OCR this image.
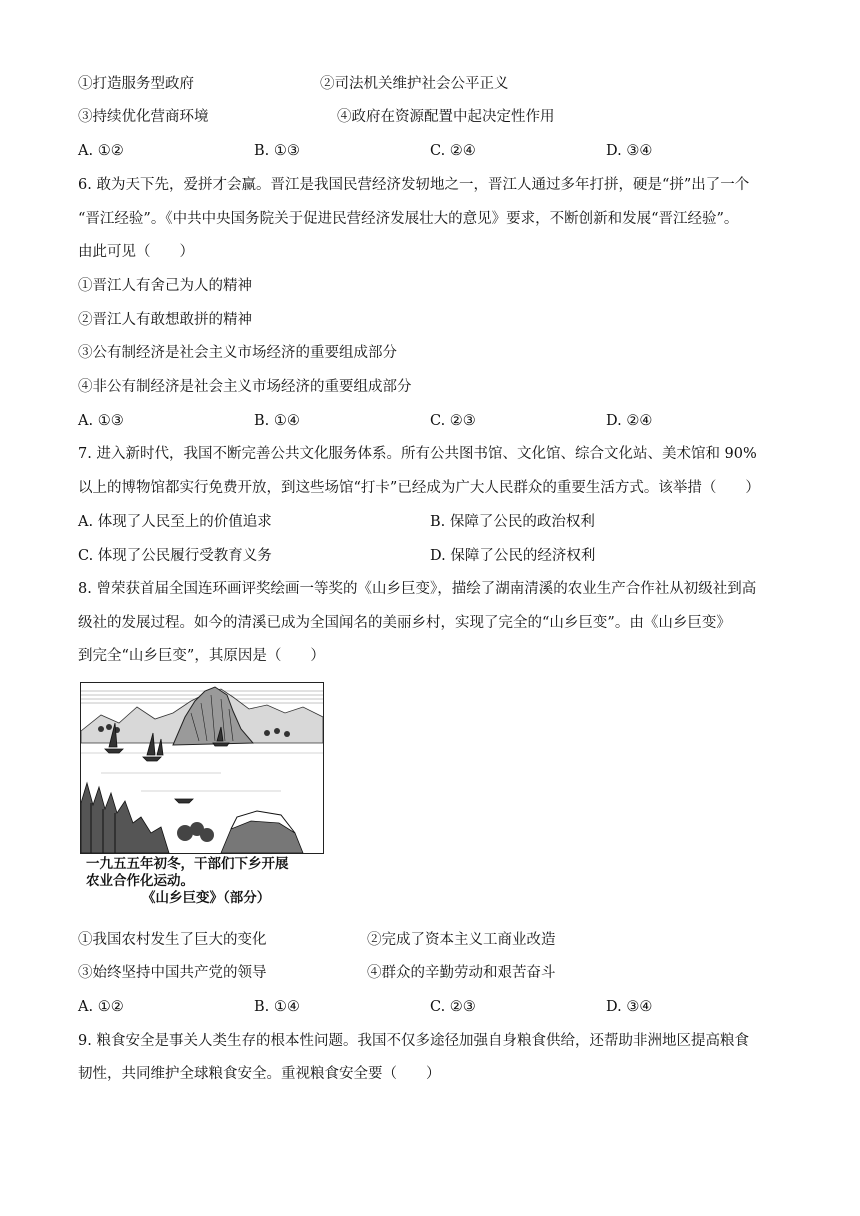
①打造服务型政府	②司法机关维护社会公平正义
③持续优化营商环境	④政府在资源配置中起决定性作用
A. ①②	B. ①③	C. ②④	D. ③④
6. 敢为天下先，爱拼才会赢。晋江是我国民营经济发轫地之一，晋江人通过多年打拼，硬是“拼”出了一个
“晋江经验”。《中共中央国务院关于促进民营经济发展壮大的意见》要求，不断创新和发展“晋江经验”。
由此可见（　　）
①晋江人有舍己为人的精神
②晋江人有敢想敢拼的精神
③公有制经济是社会主义市场经济的重要组成部分
④非公有制经济是社会主义市场经济的重要组成部分
A. ①③	B. ①④	C. ②③	D. ②④
7. 进入新时代，我国不断完善公共文化服务体系。所有公共图书馆、文化馆、综合文化站、美术馆和 90%
以上的博物馆都实行免费开放，到这些场馆“打卡”已经成为广大人民群众的重要生活方式。该举措（　　）
A. 体现了人民至上的价值追求	B. 保障了公民的政治权利
C. 体现了公民履行受教育义务	D. 保障了公民的经济权利
8. 曾荣获首届全国连环画评奖绘画一等奖的《山乡巨变》，描绘了湖南清溪的农业生产合作社从初级社到高
级社的发展过程。如今的清溪已成为全国闻名的美丽乡村，实现了完全的“山乡巨变”。由《山乡巨变》
到完全“山乡巨变”，其原因是（　　）
一九五五年初冬，干部们下乡开展
农业合作化运动。
《山乡巨变》（部分）
①我国农村发生了巨大的变化	②完成了资本主义工商业改造
③始终坚持中国共产党的领导	④群众的辛勤劳动和艰苦奋斗
A. ①②	B. ①④	C. ②③	D. ③④
9. 粮食安全是事关人类生存的根本性问题。我国不仅多途径加强自身粮食供给，还帮助非洲地区提高粮食
韧性，共同维护全球粮食安全。重视粮食安全要（　　）
